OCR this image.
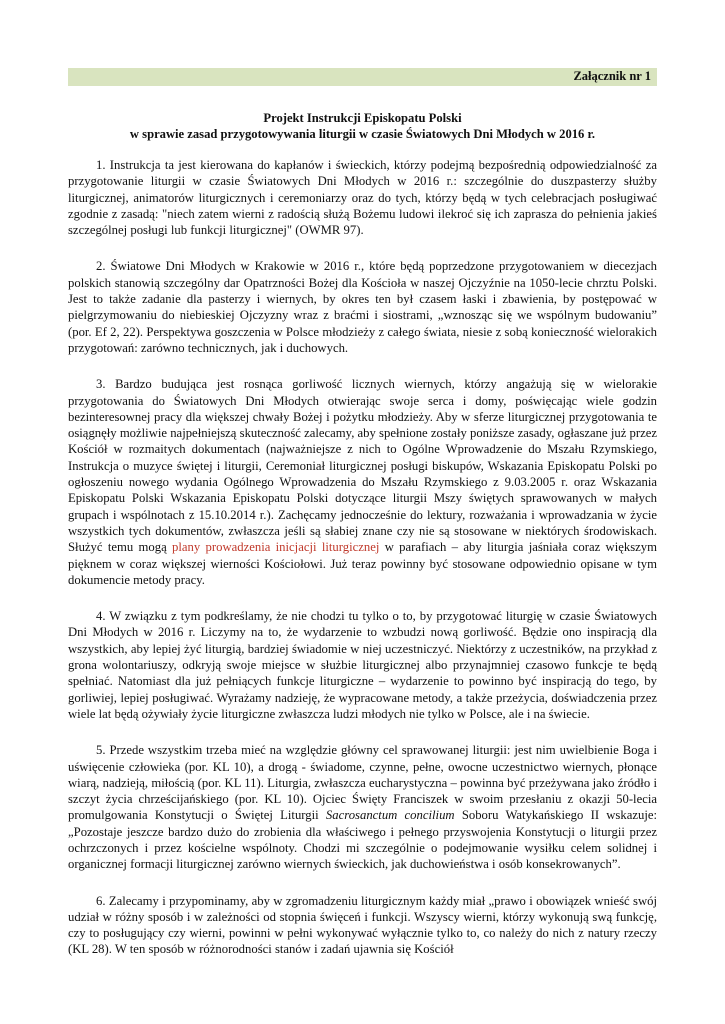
Załącznik nr 1
Projekt Instrukcji Episkopatu Polski
w sprawie zasad przygotowywania liturgii w czasie Światowych Dni Młodych w 2016 r.

1. Instrukcja ta jest kierowana do kapłanów i świeckich, którzy podejmą bezpośrednią odpowiedzialność za przygotowanie liturgii w czasie Światowych Dni Młodych w 2016 r.: szczególnie do duszpasterzy służby liturgicznej, animatorów liturgicznych i ceremoniarzy oraz do tych, którzy będą w tych celebracjach posługiwać zgodnie z zasadą: "niech zatem wierni z radością służą Bożemu ludowi ilekroć się ich zaprasza do pełnienia jakieś szczególnej posługi lub funkcji liturgicznej" (OWMR 97).

2. Światowe Dni Młodych w Krakowie w 2016 r., które będą poprzedzone przygotowaniem w diecezjach polskich stanowią szczególny dar Opatrzności Bożej dla Kościoła w naszej Ojczyźnie na 1050-lecie chrztu Polski. Jest to także zadanie dla pasterzy i wiernych, by okres ten był czasem łaski i zbawienia, by postępować w pielgrzymowaniu do niebieskiej Ojczyzny wraz z braćmi i siostrami, „wznosząc się we wspólnym budowaniu” (por. Ef 2, 22). Perspektywa goszczenia w Polsce młodzieży z całego świata, niesie z sobą konieczność wielorakich przygotowań: zarówno technicznych, jak i duchowych.

3. Bardzo budująca jest rosnąca gorliwość licznych wiernych, którzy angażują się w wielorakie przygotowania do Światowych Dni Młodych otwierając swoje serca i domy, poświęcając wiele godzin bezinteresownej pracy dla większej chwały Bożej i pożytku młodzieży. Aby w sferze liturgicznej przygotowania te osiągnęły możliwie najpełniejszą skuteczność zalecamy, aby spełnione zostały poniższe zasady, ogłaszane już przez Kościół w rozmaitych dokumentach (najważniejsze z nich to Ogólne Wprowadzenie do Mszału Rzymskiego, Instrukcja o muzyce świętej i liturgii, Ceremoniał liturgicznej posługi biskupów, Wskazania Episkopatu Polski po ogłoszeniu nowego wydania Ogólnego Wprowadzenia do Mszału Rzymskiego z 9.03.2005 r. oraz Wskazania Episkopatu Polski Wskazania Episkopatu Polski dotyczące liturgii Mszy świętych sprawowanych w małych grupach i wspólnotach z 15.10.2014 r.). Zachęcamy jednocześnie do lektury, rozważania i wprowadzania w życie wszystkich tych dokumentów, zwłaszcza jeśli są słabiej znane czy nie są stosowane w niektórych środowiskach. Służyć temu mogą plany prowadzenia inicjacji liturgicznej w parafiach – aby liturgia jaśniała coraz większym pięknem w coraz większej wierności Kościołowi. Już teraz powinny być stosowane odpowiednio opisane w tym dokumencie metody pracy.

4. W związku z tym podkreślamy, że nie chodzi tu tylko o to, by przygotować liturgię w czasie Światowych Dni Młodych w 2016 r. Liczymy na to, że wydarzenie to wzbudzi nową gorliwość. Będzie ono inspiracją dla wszystkich, aby lepiej żyć liturgią, bardziej świadomie w niej uczestniczyć. Niektórzy z uczestników, na przykład z grona wolontariuszy, odkryją swoje miejsce w służbie liturgicznej albo przynajmniej czasowo funkcje te będą spełniać. Natomiast dla już pełniących funkcje liturgiczne – wydarzenie to powinno być inspiracją do tego, by gorliwiej, lepiej posługiwać. Wyrażamy nadzieję, że wypracowane metody, a także przeżycia, doświadczenia przez wiele lat będą ożywiały życie liturgiczne zwłaszcza ludzi młodych nie tylko w Polsce, ale i na świecie.

5. Przede wszystkim trzeba mieć na względzie główny cel sprawowanej liturgii: jest nim uwielbienie Boga i uświęcenie człowieka (por. KL 10), a drogą - świadome, czynne, pełne, owocne uczestnictwo wiernych, płonące wiarą, nadzieją, miłością (por. KL 11). Liturgia, zwłaszcza eucharystyczna – powinna być przeżywana jako źródło i szczyt życia chrześcijańskiego (por. KL 10). Ojciec Święty Franciszek w swoim przesłaniu z okazji 50-lecia promulgowania Konstytucji o Świętej Liturgii Sacrosanctum concilium Soboru Watykańskiego II wskazuje: „Pozostaje jeszcze bardzo dużo do zrobienia dla właściwego i pełnego przyswojenia Konstytucji o liturgii przez ochrzczonych i przez kościelne wspólnoty. Chodzi mi szczególnie o podejmowanie wysiłku celem solidnej i organicznej formacji liturgicznej zarówno wiernych świeckich, jak duchowieństwa i osób konsekrowanych”.

6. Zalecamy i przypominamy, aby w zgromadzeniu liturgicznym każdy miał „prawo i obowiązek wnieść swój udział w różny sposób i w zależności od stopnia święceń i funkcji. Wszyscy wierni, którzy wykonują swą funkcję, czy to posługujący czy wierni, powinni w pełni wykonywać wyłącznie tylko to, co należy do nich z natury rzeczy (KL 28). W ten sposób w różnorodności stanów i zadań ujawnia się Kościół
